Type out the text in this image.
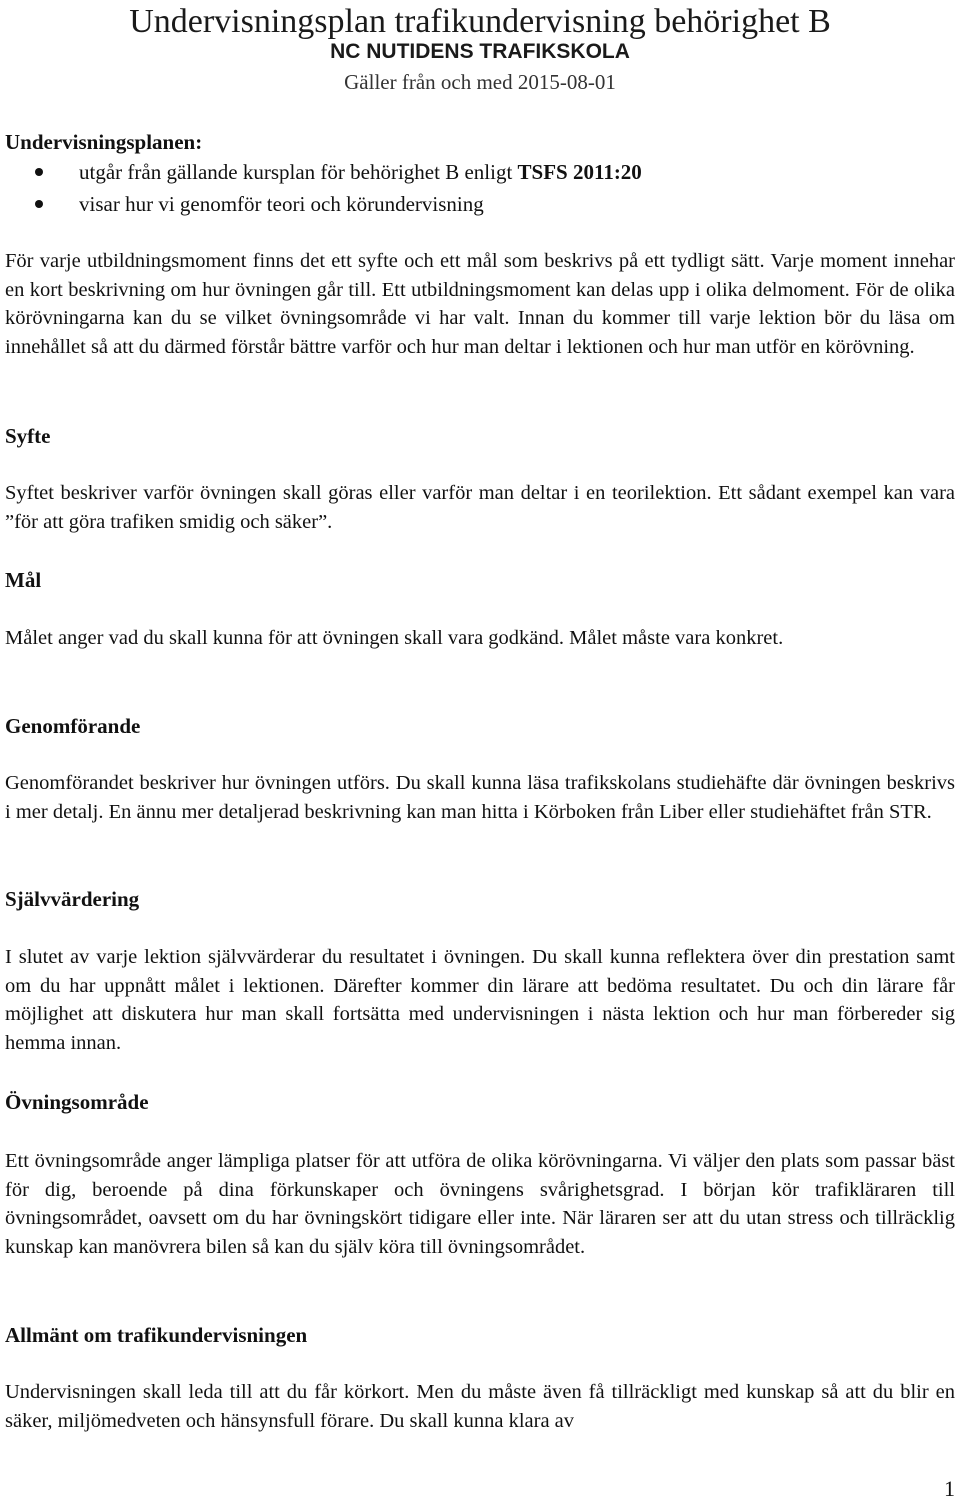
Undervisningsplan trafikundervisning behörighet B
NC NUTIDENS TRAFIKSKOLA
Gäller från och med 2015-08-01
Undervisningsplanen:
utgår från gällande kursplan för behörighet B enligt TSFS 2011:20
visar hur vi genomför teori och körundervisning
För varje utbildningsmoment finns det ett syfte och ett mål som beskrivs på ett tydligt sätt. Varje moment innehar en kort beskrivning om hur övningen går till. Ett utbildningsmoment kan delas upp i olika delmoment. För de olika körövningarna kan du se vilket övningsområde vi har valt. Innan du kommer till varje lektion bör du läsa om innehållet så att du därmed förstår bättre varför och hur man deltar i lektionen och hur man utför en körövning.
Syfte
Syftet beskriver varför övningen skall göras eller varför man deltar i en teorilektion. Ett sådant exempel kan vara ”för att göra trafiken smidig och säker”.
Mål
Målet anger vad du skall kunna för att övningen skall vara godkänd. Målet måste vara konkret.
Genomförande
Genomförandet beskriver hur övningen utförs. Du skall kunna läsa trafikskolans studiehäfte där övningen beskrivs i mer detalj. En ännu mer detaljerad beskrivning kan man hitta i Körboken från Liber eller studiehäftet från STR.
Självvärdering
I slutet av varje lektion självvärderar du resultatet i övningen. Du skall kunna reflektera över din prestation samt om du har uppnått målet i lektionen. Därefter kommer din lärare att bedöma resultatet. Du och din lärare får möjlighet att diskutera hur man skall fortsätta med undervisningen i nästa lektion och hur man förbereder sig hemma innan.
Övningsområde
Ett övningsområde anger lämpliga platser för att utföra de olika körövningarna. Vi väljer den plats som passar bäst för dig, beroende på dina förkunskaper och övningens svårighetsgrad. I början kör trafikläraren till övningsområdet, oavsett om du har övningskört tidigare eller inte. När läraren ser att du utan stress och tillräcklig kunskap kan manövrera bilen så kan du själv köra till övningsområdet.
Allmänt om trafikundervisningen
Undervisningen skall leda till att du får körkort. Men du måste även få tillräckligt med kunskap så att du blir en säker, miljömedveten och hänsynsfull förare. Du skall kunna klara av
1
